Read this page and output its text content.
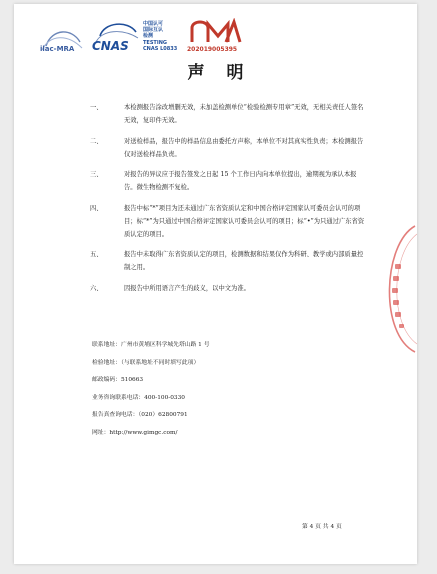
ilac-MRA CNAS
中国认可
国际互认
检测
TESTING
CNAS L0833
CMA
202019005395
声明
一、	本检测报告涂改增删无效，未加盖检测单位“检验检测专用章”无效，无相关责任人签名无效，复印件无效。
二、	对送检样品，报告中的样品信息由委托方声称，本单位不对其真实性负责；本检测报告仅对送检样品负责。
三、	对报告的异议应于报告签发之日起 15 个工作日内向本单位提出，逾期视为承认本报告。微生物检测不复检。
四、	报告中标“*”项目为还未通过广东省资质认定和中国合格评定国家认可委员会认可的项目；标“*”为只通过中国合格评定国家认可委员会认可的项目；标“•”为只通过广东省资质认定的项目。
五、	报告中未取得广东省资质认定的项目，检测数据和结果仅作为科研、教学或内部质量控制之用。
六、	因报告中所用语言产生的歧义，以中文为准。
联系地址：广州市黄埔区科学城先塔山路 1 号
检验地址：（与联系地址不同时填写此项）
邮政编码：510663
业务咨询联系电话：400-100-0330
报告真查询电话：（020）62800791
网址：http://www.gimgc.com/
第 4 页 共 4 页
